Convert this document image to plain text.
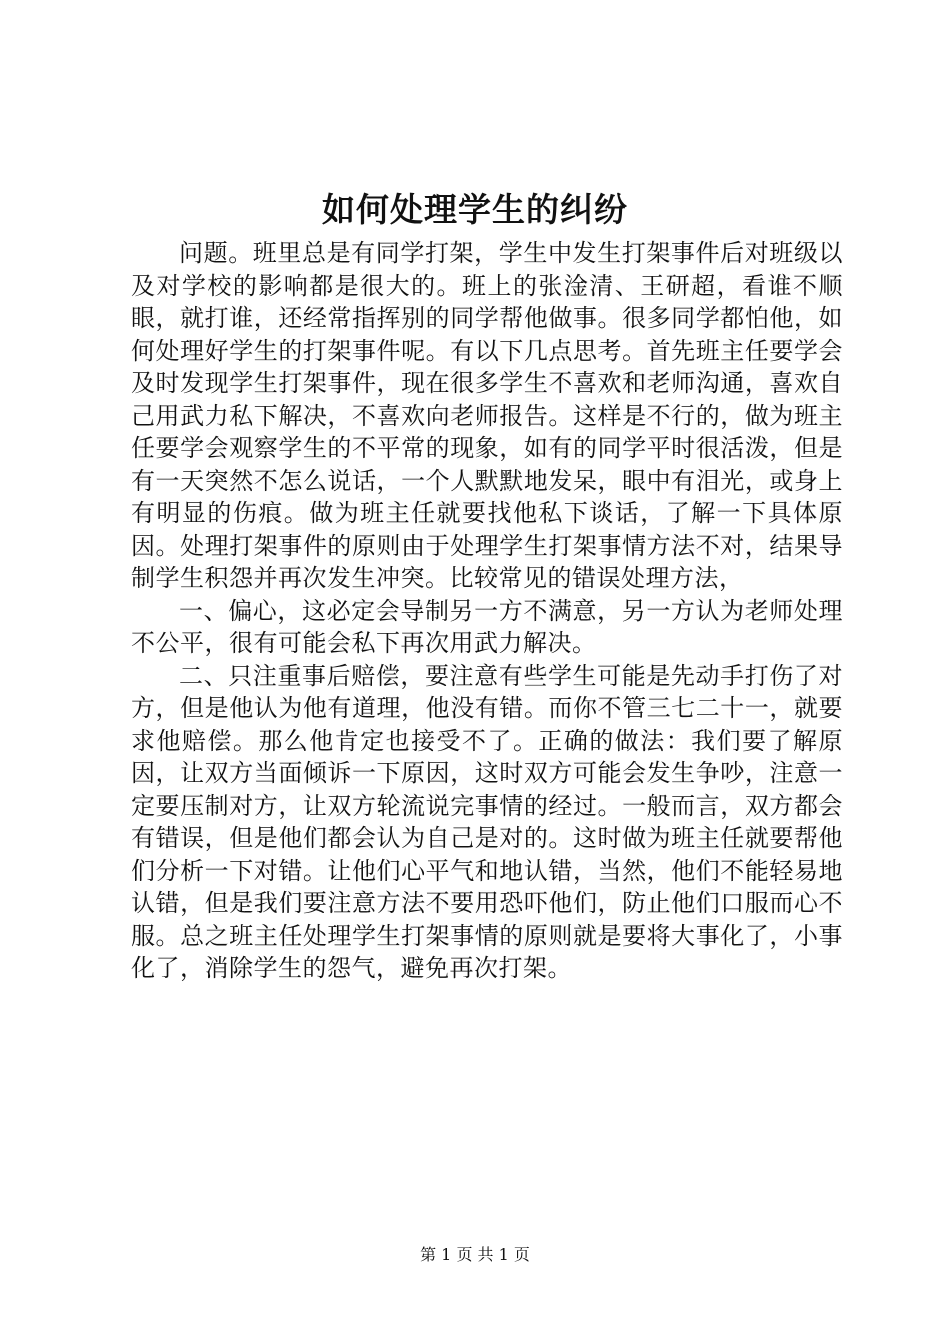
如何处理学生的纠纷

问题。班里总是有同学打架，学生中发生打架事件后对班级以及对学校的影响都是很大的。班上的张淦清、王研超，看谁不顺眼，就打谁，还经常指挥别的同学帮他做事。很多同学都怕他，如何处理好学生的打架事件呢。有以下几点思考。首先班主任要学会及时发现学生打架事件，现在很多学生不喜欢和老师沟通，喜欢自己用武力私下解决，不喜欢向老师报告。这样是不行的，做为班主任要学会观察学生的不平常的现象，如有的同学平时很活泼，但是有一天突然不怎么说话，一个人默默地发呆，眼中有泪光，或身上有明显的伤痕。做为班主任就要找他私下谈话，了解一下具体原因。处理打架事件的原则由于处理学生打架事情方法不对，结果导制学生积怨并再次发生冲突。比较常见的错误处理方法，

一、偏心，这必定会导制另一方不满意，另一方认为老师处理不公平，很有可能会私下再次用武力解决。

二、只注重事后赔偿，要注意有些学生可能是先动手打伤了对方，但是他认为他有道理，他没有错。而你不管三七二十一，就要求他赔偿。那么他肯定也接受不了。正确的做法：我们要了解原因，让双方当面倾诉一下原因，这时双方可能会发生争吵，注意一定要压制对方，让双方轮流说完事情的经过。一般而言，双方都会有错误，但是他们都会认为自己是对的。这时做为班主任就要帮他们分析一下对错。让他们心平气和地认错，当然，他们不能轻易地认错，但是我们要注意方法不要用恐吓他们，防止他们口服而心不服。总之班主任处理学生打架事情的原则就是要将大事化了，小事化了，消除学生的怨气，避免再次打架。

第 1 页 共 1 页
